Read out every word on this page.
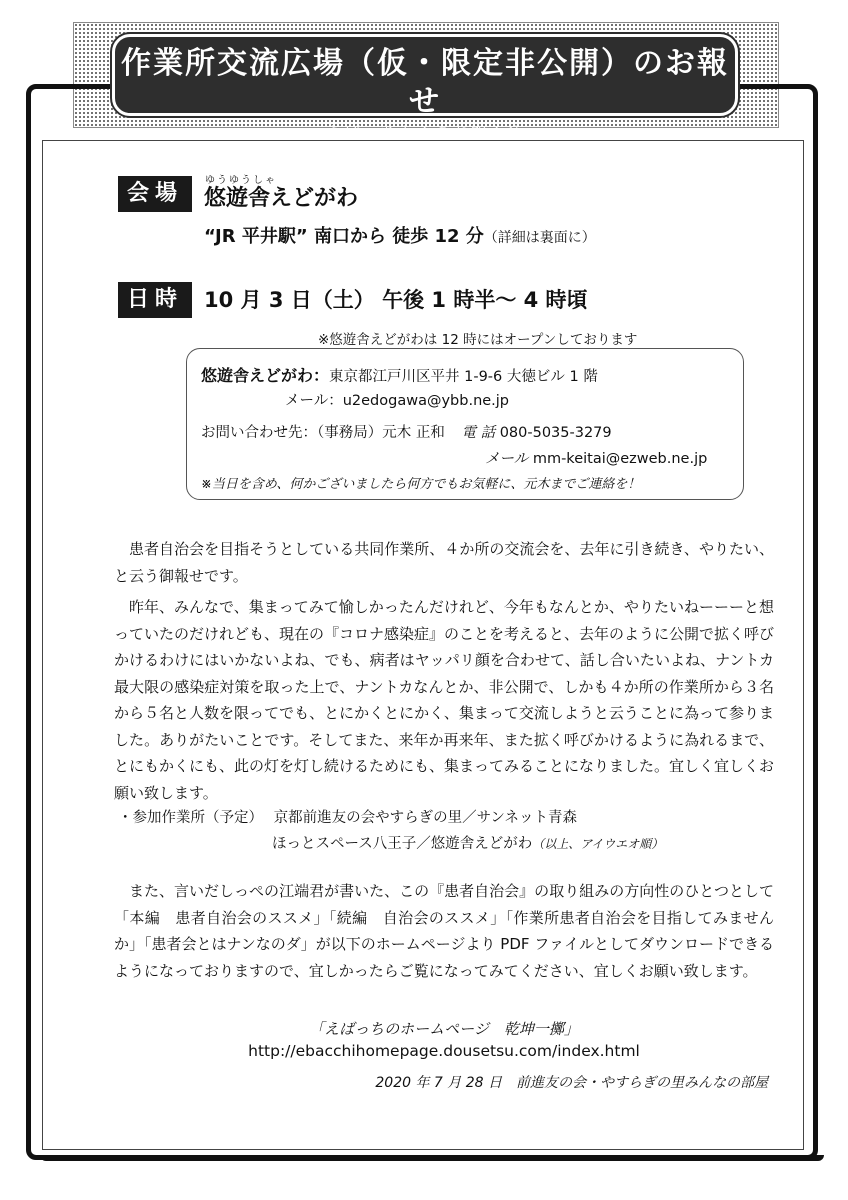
作業所交流広場（仮・限定非公開）のお報せ
〜えばっちからのお知らせ〜
会場
ゆうゆうしゃ
悠遊舎えどがわ
“JR 平井駅” 南口から 徒歩 12 分（詳細は裏面に）
日時	10 月 3 日（土） 午後 1 時半〜 4 時頃
※悠遊舎えどがわは 12 時にはオープンしております
悠遊舎えどがわ：東京都江戸川区平井 1-9-6 大徳ビル 1 階
メール：u2edogawa@ybb.ne.jp
お問い合わせ先：（事務局）元木 正和 電 話 080-5035-3279
メール mm-keitai@ezweb.ne.jp
※当日を含め、何かございましたら何方でもお気軽に、元木までご連絡を！
患者自治会を目指そうとしている共同作業所、４か所の交流会を、去年に引き続き、やりたい、と云う御報せです。
昨年、みんなで、集まってみて愉しかったんだけれど、今年もなんとか、やりたいねーーーと想っていたのだけれども、現在の『コロナ感染症』のことを考えると、去年のように公開で拡く呼びかけるわけにはいかないよね、でも、病者はヤッパリ顔を合わせて、話し合いたいよね、ナントカ最大限の感染症対策を取った上で、ナントカなんとか、非公開で、しかも４か所の作業所から３名から５名と人数を限ってでも、とにかくとにかく、集まって交流しようと云うことに為って参りました。ありがたいことです。そしてまた、来年か再来年、また拡く呼びかけるように為れるまで、とにもかくにも、此の灯を灯し続けるためにも、集まってみることになりました。宜しく宜しくお願い致します。
・参加作業所（予定） 京都前進友の会やすらぎの里／サンネット青森
ほっとスペース八王子／悠遊舎えどがわ（以上、アイウエオ順）
また、言いだしっぺの江端君が書いた、この『患者自治会』の取り組みの方向性のひとつとして「本編　患者自治会のススメ」「続編　自治会のススメ」「作業所患者自治会を目指してみませんか」「患者会とはナンなのダ」が以下のホームページより PDF ファイルとしてダウンロードできるようになっておりますので、宜しかったらご覧になってみてください、宜しくお願い致します。
「えばっちのホームページ　乾坤一擲」
http://ebacchihomepage.dousetsu.com/index.html
2020 年 7 月 28 日　前進友の会・やすらぎの里みんなの部屋
